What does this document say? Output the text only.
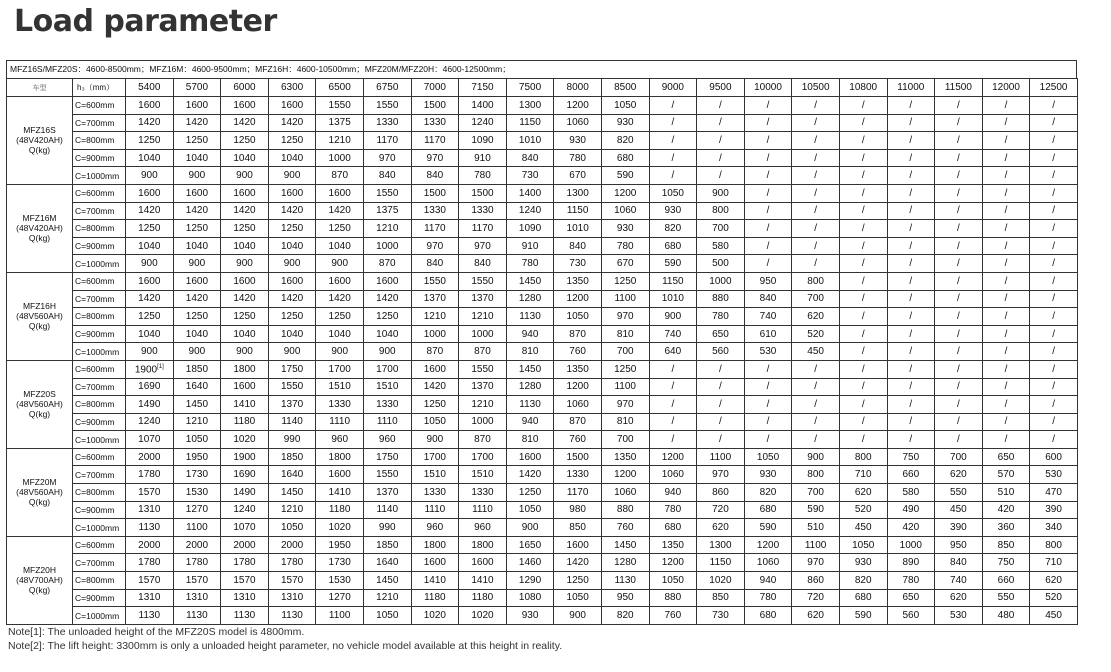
Load parameter
MFZ16S/MFZ20S：4600-8500mm；MFZ16M：4600-9500mm；MFZ16H：4600-10500mm；MFZ20M/MFZ20H：4600-12500mm；
车型	h₃（mm）	5400	5700	6000	6300	6500	6750	7000	7150	7500	8000	8500	9000	9500	10000	10500	10800	11000	11500	12000	12500

MFZ16S
(48V420AH)
Q(kg)	C=600mm	1600	1600	1600	1600	1550	1550	1500	1400	1300	1200	1050	/	/	/	/	/	/	/	/	/
	C=700mm	1420	1420	1420	1420	1375	1330	1330	1240	1150	1060	930	/	/	/	/	/	/	/	/	/
	C=800mm	1250	1250	1250	1250	1210	1170	1170	1090	1010	930	820	/	/	/	/	/	/	/	/	/
	C=900mm	1040	1040	1040	1040	1000	970	970	910	840	780	680	/	/	/	/	/	/	/	/	/
	C=1000mm	900	900	900	900	870	840	840	780	730	670	590	/	/	/	/	/	/	/	/	/

MFZ16M
(48V420AH)
Q(kg)	C=600mm	1600	1600	1600	1600	1600	1550	1500	1500	1400	1300	1200	1050	900	/	/	/	/	/	/	/
	C=700mm	1420	1420	1420	1420	1420	1375	1330	1330	1240	1150	1060	930	800	/	/	/	/	/	/	/
	C=800mm	1250	1250	1250	1250	1250	1210	1170	1170	1090	1010	930	820	700	/	/	/	/	/	/	/
	C=900mm	1040	1040	1040	1040	1040	1000	970	970	910	840	780	680	580	/	/	/	/	/	/	/
	C=1000mm	900	900	900	900	900	870	840	840	780	730	670	590	500	/	/	/	/	/	/	/

MFZ16H
(48V560AH)
Q(kg)	C=600mm	1600	1600	1600	1600	1600	1600	1550	1550	1450	1350	1250	1150	1000	950	800	/	/	/	/	/
	C=700mm	1420	1420	1420	1420	1420	1420	1370	1370	1280	1200	1100	1010	880	840	700	/	/	/	/	/
	C=800mm	1250	1250	1250	1250	1250	1250	1210	1210	1130	1050	970	900	780	740	620	/	/	/	/	/
	C=900mm	1040	1040	1040	1040	1040	1040	1000	1000	940	870	810	740	650	610	520	/	/	/	/	/
	C=1000mm	900	900	900	900	900	900	870	870	810	760	700	640	560	530	450	/	/	/	/	/

MFZ20S
(48V560AH)
Q(kg)	C=600mm	1900[1]	1850	1800	1750	1700	1700	1600	1550	1450	1350	1250	/	/	/	/	/	/	/	/	/
	C=700mm	1690	1640	1600	1550	1510	1510	1420	1370	1280	1200	1100	/	/	/	/	/	/	/	/	/
	C=800mm	1490	1450	1410	1370	1330	1330	1250	1210	1130	1060	970	/	/	/	/	/	/	/	/	/
	C=900mm	1240	1210	1180	1140	1110	1110	1050	1000	940	870	810	/	/	/	/	/	/	/	/	/
	C=1000mm	1070	1050	1020	990	960	960	900	870	810	760	700	/	/	/	/	/	/	/	/	/

MFZ20M
(48V560AH)
Q(kg)	C=600mm	2000	1950	1900	1850	1800	1750	1700	1700	1600	1500	1350	1200	1100	1050	900	800	750	700	650	600
	C=700mm	1780	1730	1690	1640	1600	1550	1510	1510	1420	1330	1200	1060	970	930	800	710	660	620	570	530
	C=800mm	1570	1530	1490	1450	1410	1370	1330	1330	1250	1170	1060	940	860	820	700	620	580	550	510	470
	C=900mm	1310	1270	1240	1210	1180	1140	1110	1110	1050	980	880	780	720	680	590	520	490	450	420	390
	C=1000mm	1130	1100	1070	1050	1020	990	960	960	900	850	760	680	620	590	510	450	420	390	360	340

MFZ20H
(48V700AH)
Q(kg)	C=600mm	2000	2000	2000	2000	1950	1850	1800	1800	1650	1600	1450	1350	1300	1200	1100	1050	1000	950	850	800
	C=700mm	1780	1780	1780	1780	1730	1640	1600	1600	1460	1420	1280	1200	1150	1060	970	930	890	840	750	710
	C=800mm	1570	1570	1570	1570	1530	1450	1410	1410	1290	1250	1130	1050	1020	940	860	820	780	740	660	620
	C=900mm	1310	1310	1310	1310	1270	1210	1180	1180	1080	1050	950	880	850	780	720	680	650	620	550	520
	C=1000mm	1130	1130	1130	1130	1100	1050	1020	1020	930	900	820	760	730	680	620	590	560	530	480	450
Note[1]: The unloaded height of the MFZ20S model is 4800mm.
Note[2]: The lift height: 3300mm is only a unloaded height parameter, no vehicle model available at this height in reality.
